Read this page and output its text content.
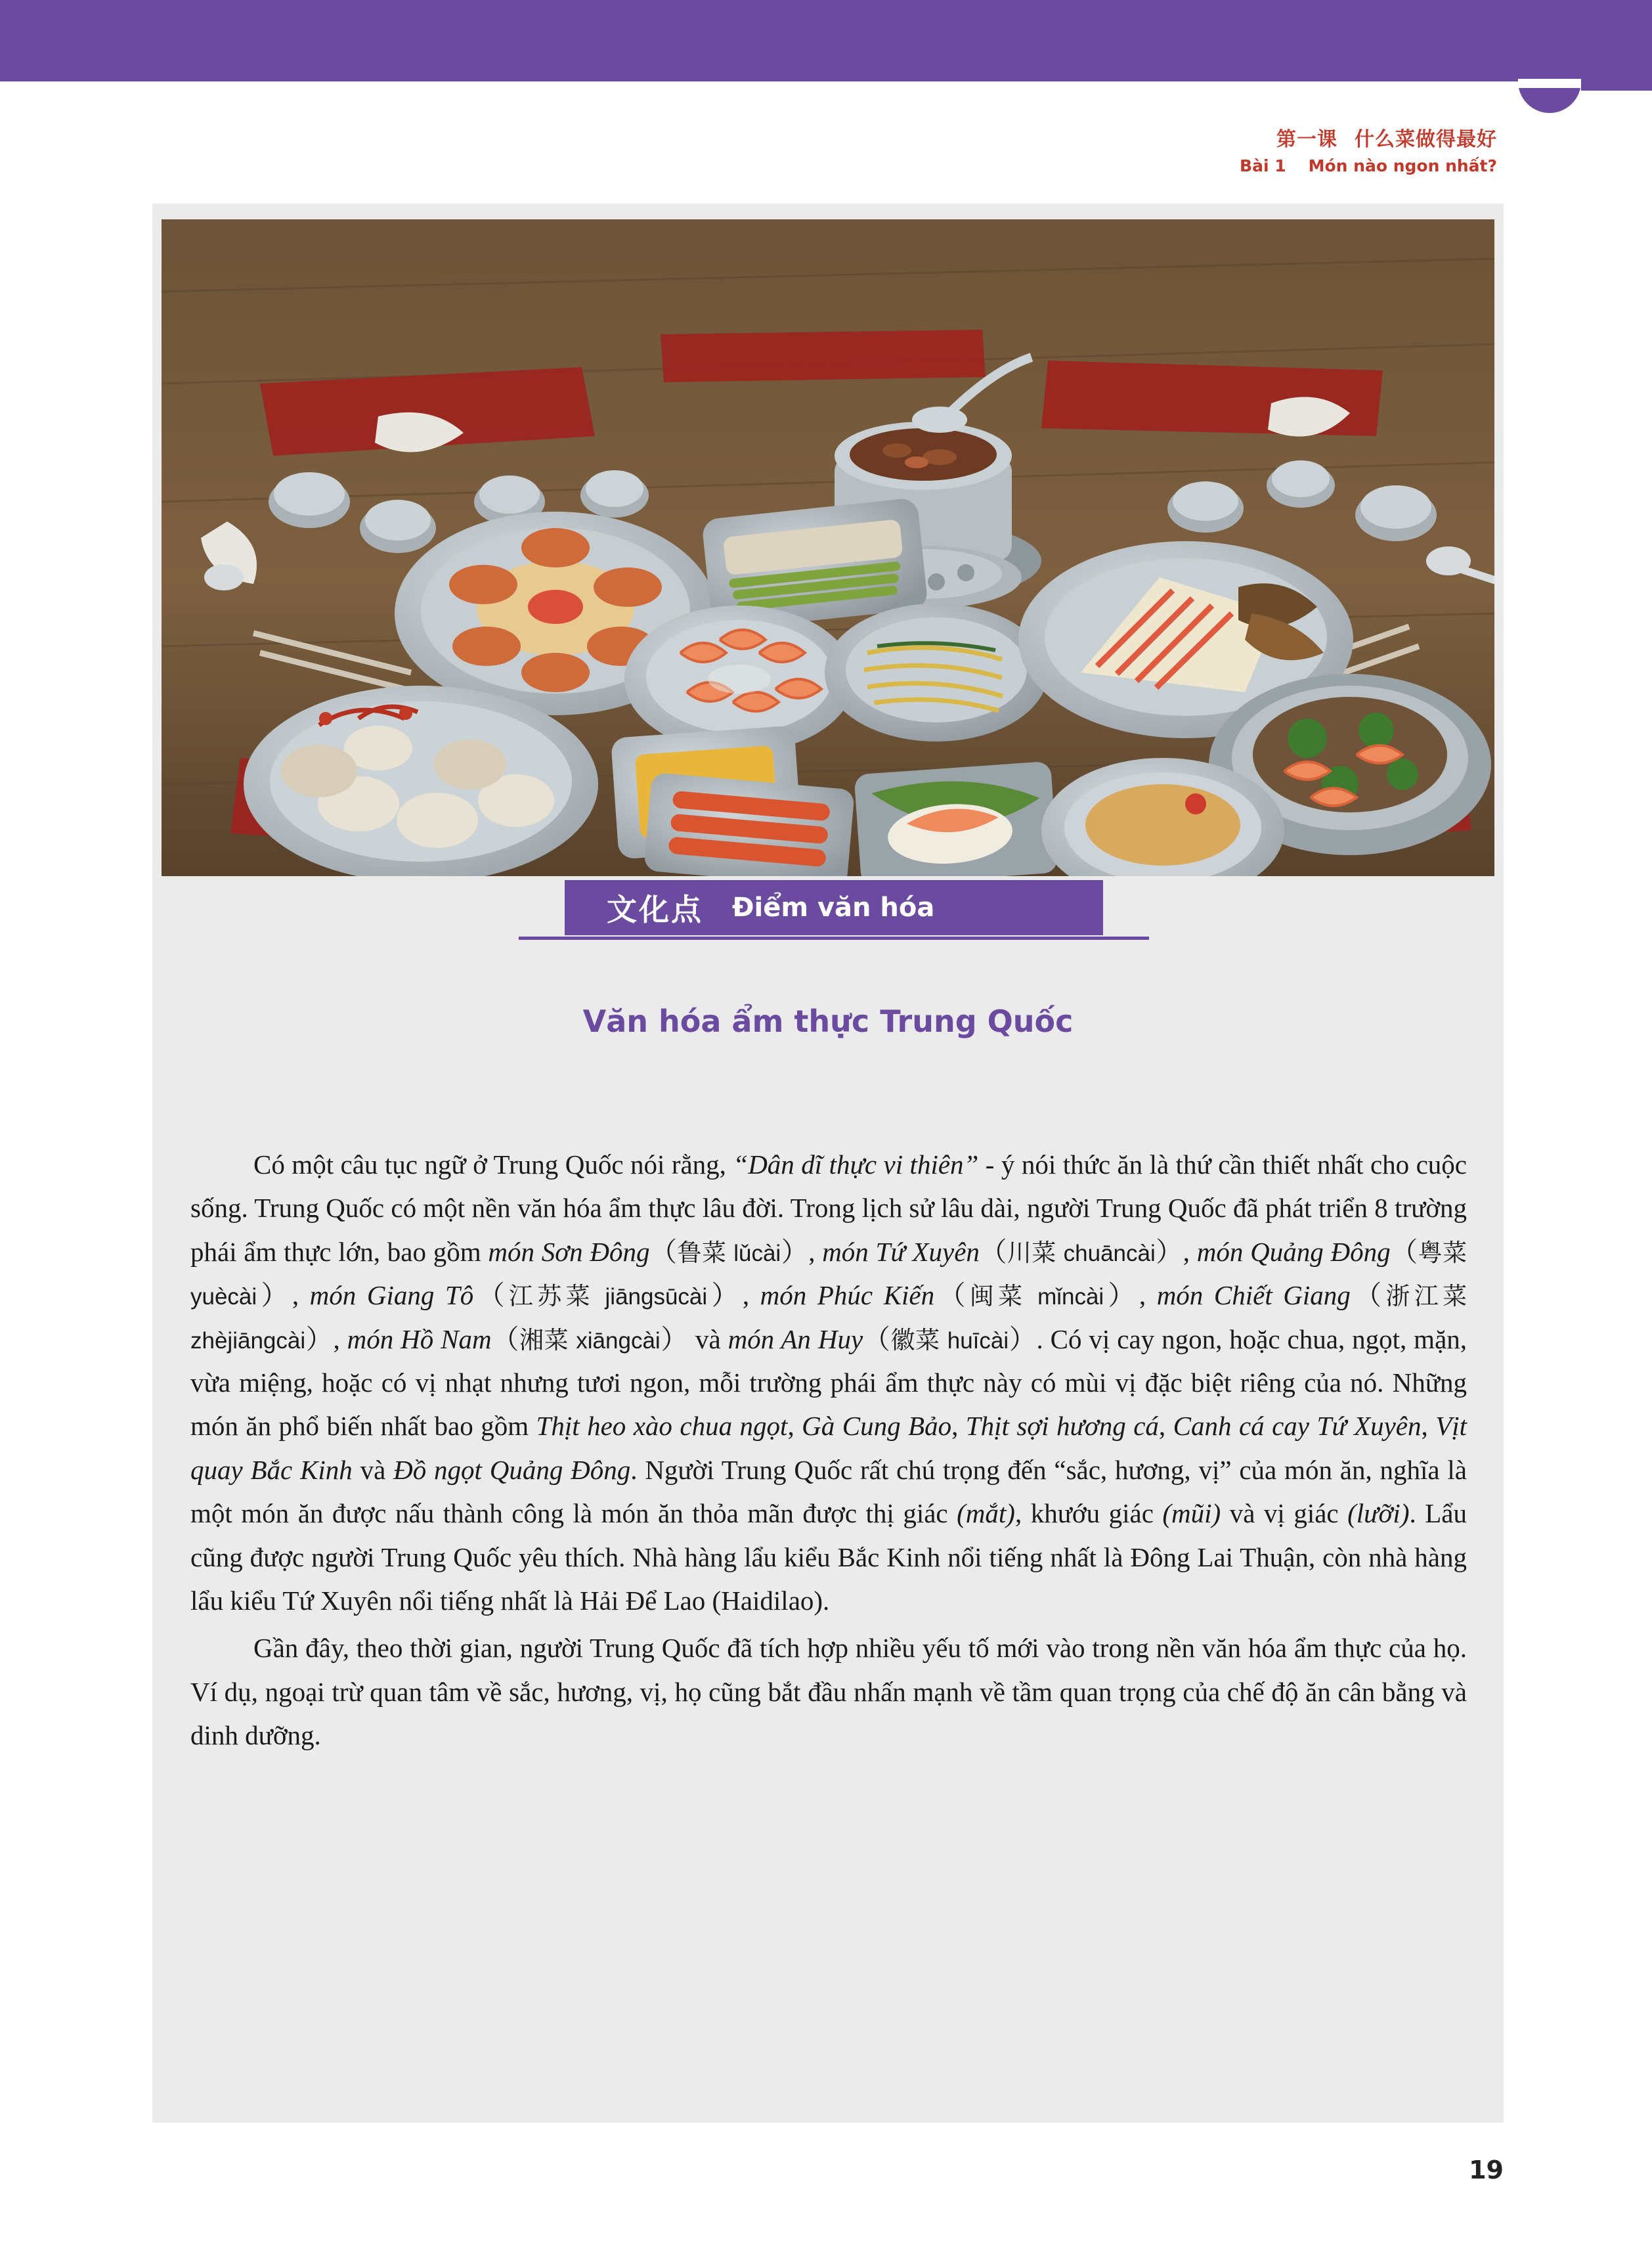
第一课 什么菜做得最好
Bài 1 Món nào ngon nhất?
文化点 Điểm văn hóa
Văn hóa ẩm thực Trung Quốc

Có một câu tục ngữ ở Trung Quốc nói rằng, “Dân dĩ thực vi thiên” - ý nói thức ăn là thứ cần thiết nhất cho cuộc sống. Trung Quốc có một nền văn hóa ẩm thực lâu đời. Trong lịch sử lâu dài, người Trung Quốc đã phát triển 8 trường phái ẩm thực lớn, bao gồm món Sơn Đông（鲁菜 lǔcài）, món Tứ Xuyên（川菜 chuāncài）, món Quảng Đông（粤菜　yuècài）, món Giang Tô（江苏菜 jiāngsūcài）, món Phúc Kiến（闽菜 mǐncài）, món Chiết Giang（浙江菜 zhèjiāngcài）, món Hồ Nam（湘菜 xiāngcài） và món An Huy（徽菜 huīcài）. Có vị cay ngon, hoặc chua, ngọt, mặn, vừa miệng, hoặc có vị nhạt nhưng tươi ngon, mỗi trường phái ẩm thực này có mùi vị đặc biệt riêng của nó. Những món ăn phổ biến nhất bao gồm Thịt heo xào chua ngọt, Gà Cung Bảo, Thịt sợi hương cá, Canh cá cay Tứ Xuyên, Vịt quay Bắc Kinh và Đồ ngọt Quảng Đông. Người Trung Quốc rất chú trọng đến “sắc, hương, vị” của món ăn, nghĩa là một món ăn được nấu thành công là món ăn thỏa mãn được thị giác (mắt), khướu giác (mũi) và vị giác (lưỡi). Lẩu cũng được người Trung Quốc yêu thích. Nhà hàng lẩu kiểu Bắc Kinh nổi tiếng nhất là Đông Lai Thuận, còn nhà hàng lẩu kiểu Tứ Xuyên nổi tiếng nhất là Hải Để Lao (Haidilao).

Gần đây, theo thời gian, người Trung Quốc đã tích hợp nhiều yếu tố mới vào trong nền văn hóa ẩm thực của họ. Ví dụ, ngoại trừ quan tâm về sắc, hương, vị, họ cũng bắt đầu nhấn mạnh về tầm quan trọng của chế độ ăn cân bằng và dinh dưỡng.

19
